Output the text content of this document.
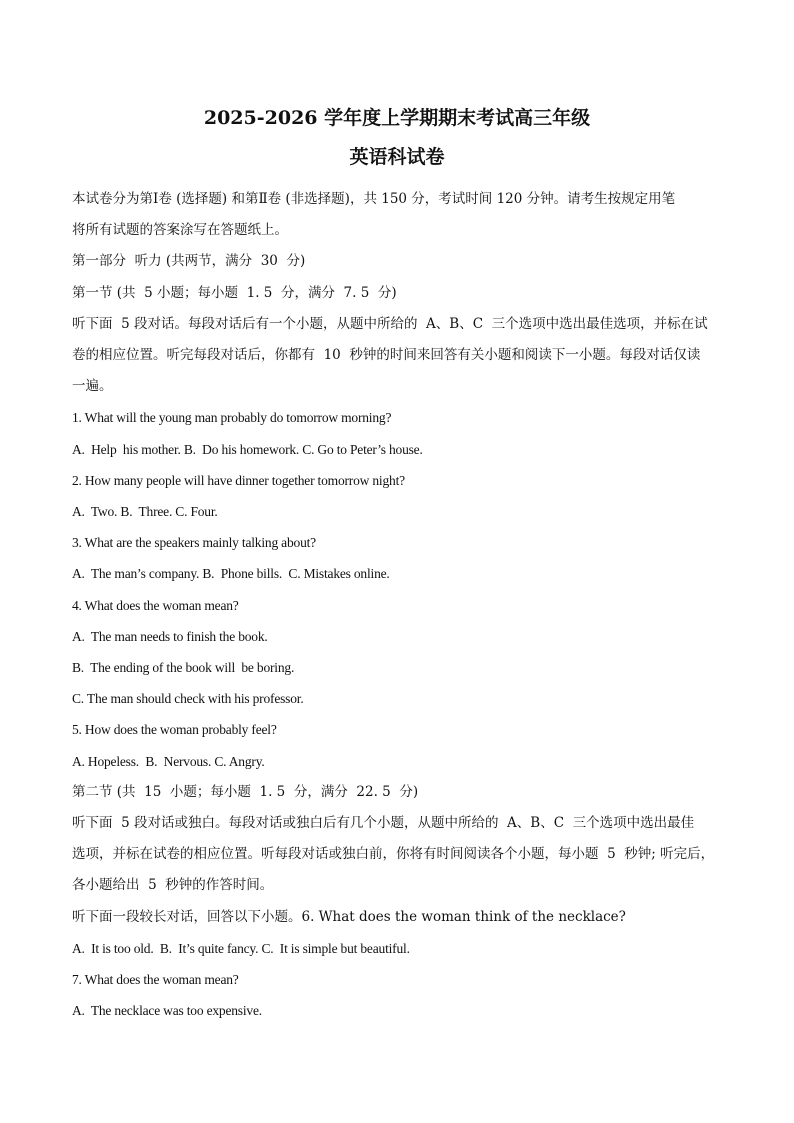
2025-2026 学年度上学期期末考试高三年级
英语科试卷

本试卷分为第Ⅰ卷 (选择题) 和第Ⅱ卷 (非选择题)，共 150 分，考试时间 120 分钟。请考生按规定用笔

将所有试题的答案涂写在答题纸上。

第一部分  听力 (共两节，满分  30  分)

第一节 (共  5 小题；每小题  1. 5  分，满分  7. 5  分)

听下面  5 段对话。每段对话后有一个小题，从题中所给的  A、B、C  三个选项中选出最佳选项，并标在试

卷的相应位置。听完每段对话后，你都有  10  秒钟的时间来回答有关小题和阅读下一小题。每段对话仅读

一遍。

1. What will the young man probably do tomorrow morning?

A.  Help  his mother. B.  Do his homework. C. Go to Peter’s house.

2. How many people will have dinner together tomorrow night?

A.  Two. B.  Three. C. Four.

3. What are the speakers mainly talking about?

A.  The man’s company. B.  Phone bills.  C. Mistakes online.

4. What does the woman mean?

A.  The man needs to finish the book.

B.  The ending of the book will  be boring.

C. The man should check with his professor.

5. How does the woman probably feel?

A. Hopeless.  B.  Nervous. C. Angry.

第二节 (共  15  小题；每小题  1. 5  分，满分  22. 5  分)

听下面  5 段对话或独白。每段对话或独白后有几个小题，从题中所给的  A、B、C  三个选项中选出最佳

选项，并标在试卷的相应位置。听每段对话或独白前，你将有时间阅读各个小题，每小题  5  秒钟; 听完后，

各小题给出  5  秒钟的作答时间。

听下面一段较长对话，回答以下小题。6. What does the woman think of the necklace?

A.  It is too old.  B.  It’s quite fancy. C.  It is simple but beautiful.

7. What does the woman mean?

A.  The necklace was too expensive.
